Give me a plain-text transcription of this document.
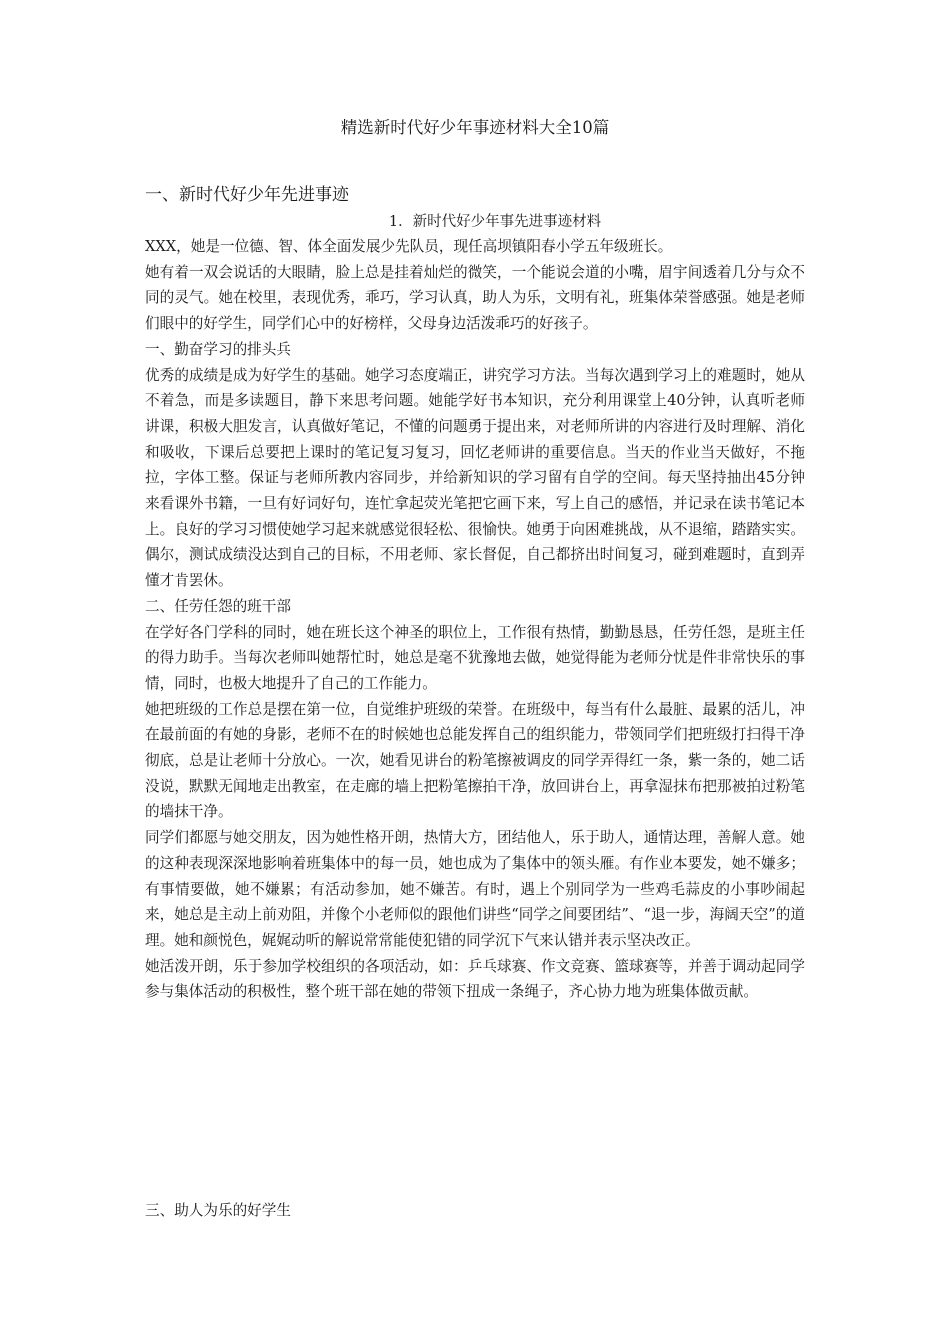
精选新时代好少年事迹材料大全10篇
一、新时代好少年先进事迹
1．新时代好少年事先进事迹材料

XXX，她是一位德、智、体全面发展少先队员，现任高坝镇阳春小学五年级班长。

她有着一双会说话的大眼睛，脸上总是挂着灿烂的微笑，一个能说会道的小嘴，眉宇间透着几分与众不同的灵气。她在校里，表现优秀，乖巧，学习认真，助人为乐，文明有礼，班集体荣誉感强。她是老师们眼中的好学生，同学们心中的好榜样，父母身边活泼乖巧的好孩子。

一、勤奋学习的排头兵

优秀的成绩是成为好学生的基础。她学习态度端正，讲究学习方法。当每次遇到学习上的难题时，她从不着急，而是多读题目，静下来思考问题。她能学好书本知识，充分利用课堂上40分钟，认真听老师讲课，积极大胆发言，认真做好笔记，不懂的问题勇于提出来，对老师所讲的内容进行及时理解、消化和吸收，下课后总要把上课时的笔记复习复习，回忆老师讲的重要信息。当天的作业当天做好，不拖拉，字体工整。保证与老师所教内容同步，并给新知识的学习留有自学的空间。每天坚持抽出45分钟来看课外书籍，一旦有好词好句，连忙拿起荧光笔把它画下来，写上自己的感悟，并记录在读书笔记本上。良好的学习习惯使她学习起来就感觉很轻松、很愉快。她勇于向困难挑战，从不退缩，踏踏实实。偶尔，测试成绩没达到自己的目标，不用老师、家长督促，自己都挤出时间复习，碰到难题时，直到弄懂才肯罢休。

二、任劳任怨的班干部

在学好各门学科的同时，她在班长这个神圣的职位上，工作很有热情，勤勤恳恳，任劳任怨，是班主任的得力助手。当每次老师叫她帮忙时，她总是毫不犹豫地去做，她觉得能为老师分忧是件非常快乐的事情，同时，也极大地提升了自己的工作能力。

她把班级的工作总是摆在第一位，自觉维护班级的荣誉。在班级中，每当有什么最脏、最累的活儿，冲在最前面的有她的身影，老师不在的时候她也总能发挥自己的组织能力，带领同学们把班级打扫得干净彻底，总是让老师十分放心。一次，她看见讲台的粉笔擦被调皮的同学弄得红一条，紫一条的，她二话没说，默默无闻地走出教室，在走廊的墙上把粉笔擦拍干净，放回讲台上，再拿湿抹布把那被拍过粉笔的墙抹干净。

同学们都愿与她交朋友，因为她性格开朗，热情大方，团结他人，乐于助人，通情达理，善解人意。她的这种表现深深地影响着班集体中的每一员，她也成为了集体中的领头雁。有作业本要发，她不嫌多；有事情要做，她不嫌累；有活动参加，她不嫌苦。有时，遇上个别同学为一些鸡毛蒜皮的小事吵闹起来，她总是主动上前劝阻，并像个小老师似的跟他们讲些“同学之间要团结”、“退一步，海阔天空”的道理。她和颜悦色，娓娓动听的解说常常能使犯错的同学沉下气来认错并表示坚决改正。

她活泼开朗，乐于参加学校组织的各项活动，如：乒乓球赛、作文竞赛、篮球赛等，并善于调动起同学参与集体活动的积极性，整个班干部在她的带领下扭成一条绳子，齐心协力地为班集体做贡献。

三、助人为乐的好学生
